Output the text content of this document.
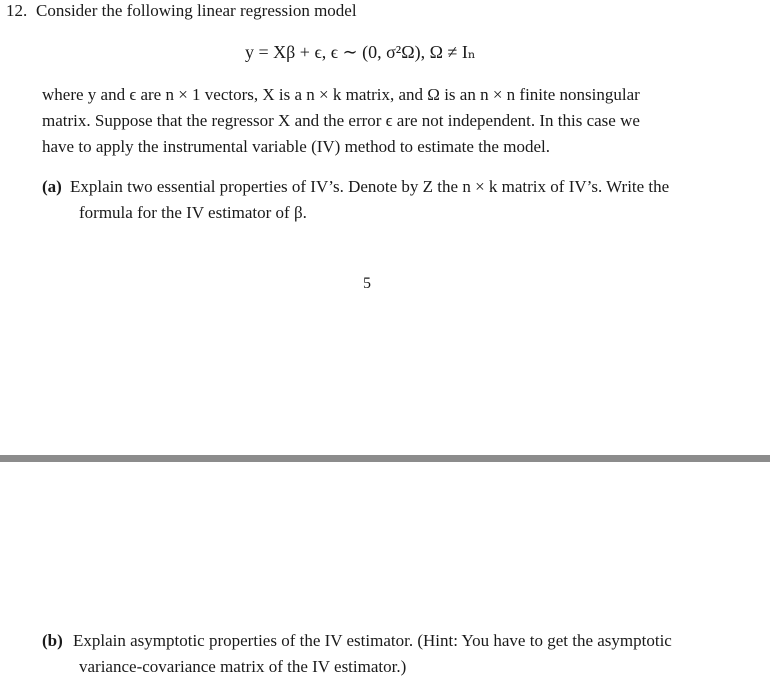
12. Consider the following linear regression model
y = Xβ + ϵ, ϵ ∼ (0, σ²Ω), Ω ≠ Iₙ
where y and ϵ are n × 1 vectors, X is a n × k matrix, and Ω is an n × n finite nonsingular
matrix. Suppose that the regressor X and the error ϵ are not independent. In this case we
have to apply the instrumental variable (IV) method to estimate the model.
(a) Explain two essential properties of IV’s. Denote by Z the n × k matrix of IV’s. Write the
formula for the IV estimator of β.
5
(b) Explain asymptotic properties of the IV estimator. (Hint: You have to get the asymptotic
variance-covariance matrix of the IV estimator.)
